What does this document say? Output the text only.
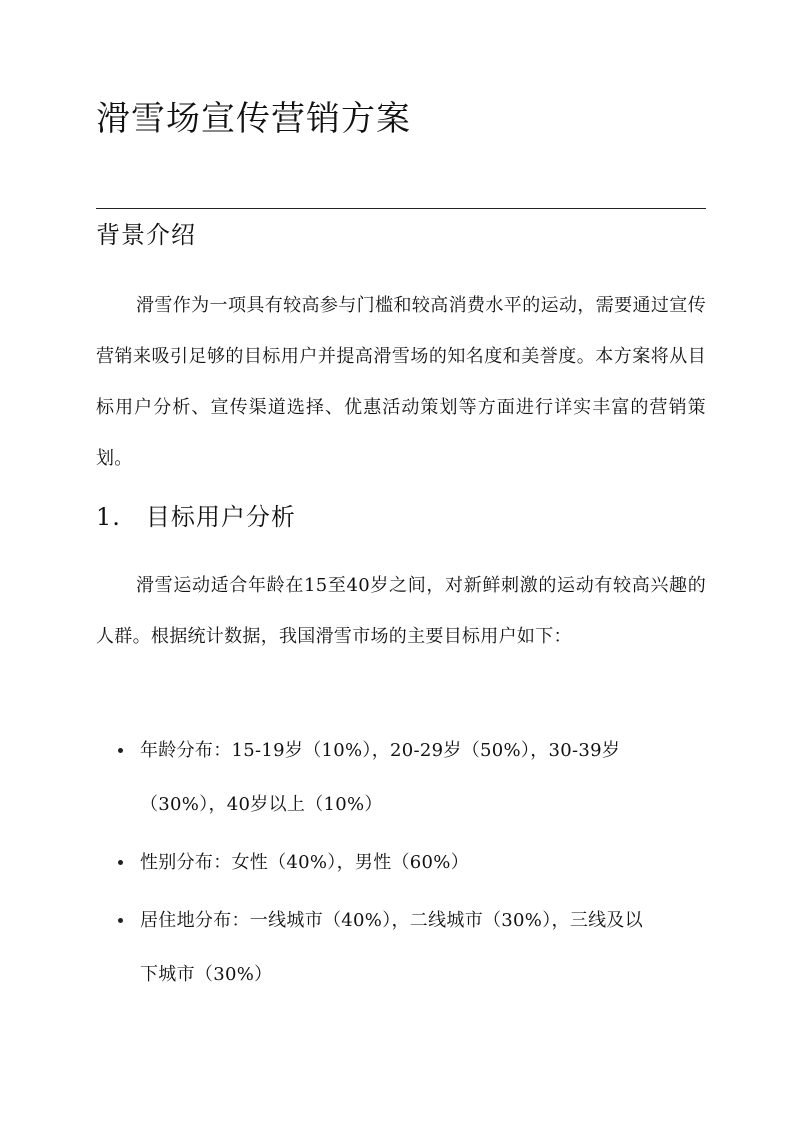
滑雪场宣传营销方案
背景介绍

滑雪作为一项具有较高参与门槛和较高消费水平的运动，需要通过宣传营销来吸引足够的目标用户并提高滑雪场的知名度和美誉度。本方案将从目标用户分析、宣传渠道选择、优惠活动策划等方面进行详实丰富的营销策划。

1.　目标用户分析

滑雪运动适合年龄在15至40岁之间，对新鲜刺激的运动有较高兴趣的人群。根据统计数据，我国滑雪市场的主要目标用户如下：

年龄分布：15-19岁（10%），20-29岁（50%），30-39岁（30%），40岁以上（10%）
性别分布：女性（40%），男性（60%）
居住地分布：一线城市（40%），二线城市（30%），三线及以下城市（30%）
